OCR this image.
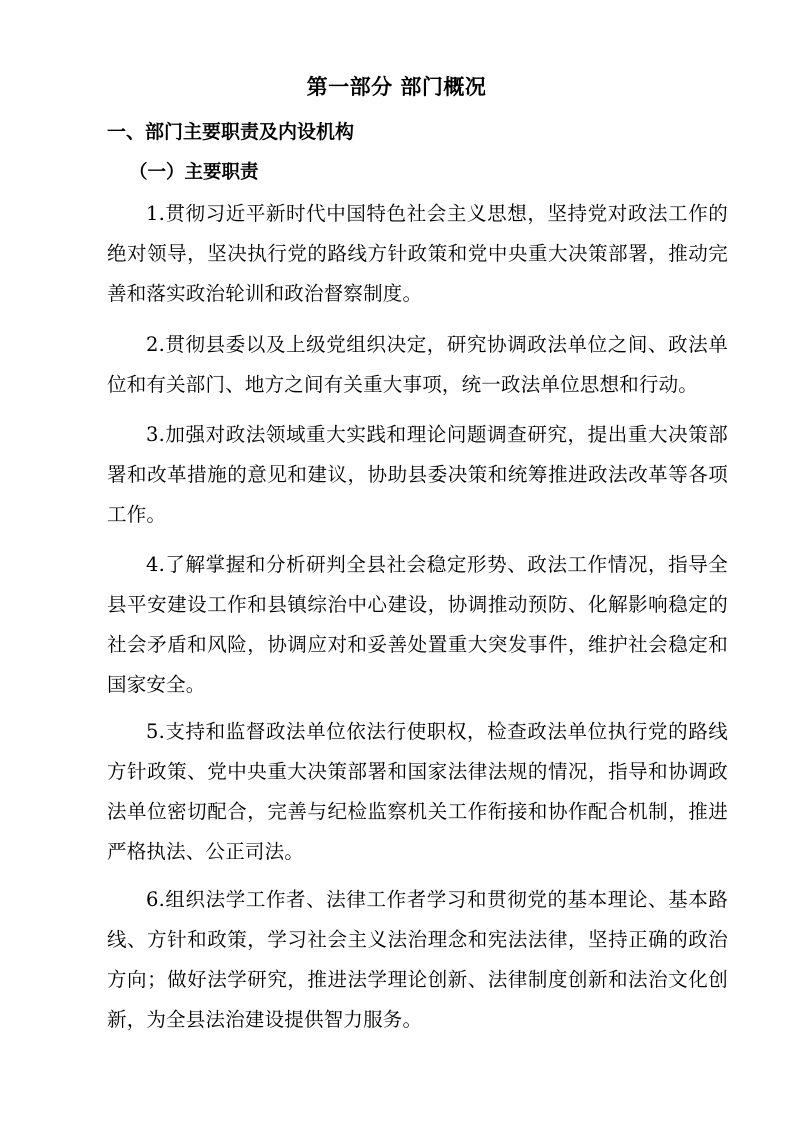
第一部分 部门概况
一、部门主要职责及内设机构
（一）主要职责

1.贯彻习近平新时代中国特色社会主义思想，坚持党对政法工作的绝对领导，坚决执行党的路线方针政策和党中央重大决策部署，推动完善和落实政治轮训和政治督察制度。

2.贯彻县委以及上级党组织决定，研究协调政法单位之间、政法单位和有关部门、地方之间有关重大事项，统一政法单位思想和行动。

3.加强对政法领域重大实践和理论问题调查研究，提出重大决策部署和改革措施的意见和建议，协助县委决策和统筹推进政法改革等各项工作。

4.了解掌握和分析研判全县社会稳定形势、政法工作情况，指导全县平安建设工作和县镇综治中心建设，协调推动预防、化解影响稳定的社会矛盾和风险，协调应对和妥善处置重大突发事件，维护社会稳定和国家安全。

5.支持和监督政法单位依法行使职权，检查政法单位执行党的路线方针政策、党中央重大决策部署和国家法律法规的情况，指导和协调政法单位密切配合，完善与纪检监察机关工作衔接和协作配合机制，推进严格执法、公正司法。

6.组织法学工作者、法律工作者学习和贯彻党的基本理论、基本路线、方针和政策，学习社会主义法治理念和宪法法律，坚持正确的政治方向；做好法学研究，推进法学理论创新、法律制度创新和法治文化创新，为全县法治建设提供智力服务。
